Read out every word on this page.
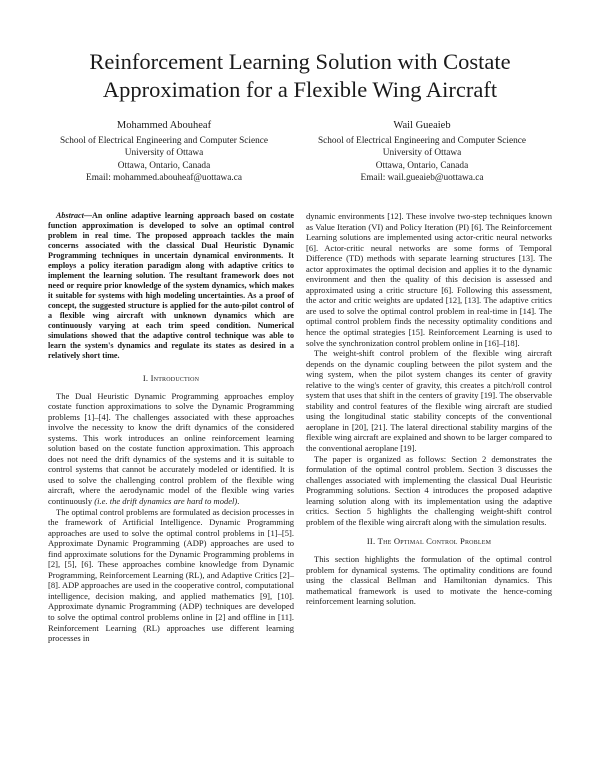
Reinforcement Learning Solution with Costate Approximation for a Flexible Wing Aircraft
Mohammed Abouheaf
School of Electrical Engineering and Computer Science
University of Ottawa
Ottawa, Ontario, Canada
Email: mohammed.abouheaf@uottawa.ca
Wail Gueaieb
School of Electrical Engineering and Computer Science
University of Ottawa
Ottawa, Ontario, Canada
Email: wail.gueaieb@uottawa.ca

Abstract—An online adaptive learning approach based on costate function approximation is developed to solve an optimal control problem in real time. The proposed approach tackles the main concerns associated with the classical Dual Heuristic Dynamic Programming techniques in uncertain dynamical environments. It employs a policy iteration paradigm along with adaptive critics to implement the learning solution. The resultant framework does not need or require prior knowledge of the system dynamics, which makes it suitable for systems with high modeling uncertainties. As a proof of concept, the suggested structure is applied for the auto-pilot control of a flexible wing aircraft with unknown dynamics which are continuously varying at each trim speed condition. Numerical simulations showed that the adaptive control technique was able to learn the system's dynamics and regulate its states as desired in a relatively short time.

I. Introduction

The Dual Heuristic Dynamic Programming approaches employ costate function approximations to solve the Dynamic Programming problems [1]–[4]. The challenges associated with these approaches involve the necessity to know the drift dynamics of the considered systems. This work introduces an online reinforcement learning solution based on the costate function approximation. This approach does not need the drift dynamics of the systems and it is suitable to control systems that cannot be accurately modeled or identified. It is used to solve the challenging control problem of the flexible wing aircraft, where the aerodynamic model of the flexible wing varies continuously (i.e. the drift dynamics are hard to model).

The optimal control problems are formulated as decision processes in the framework of Artificial Intelligence. Dynamic Programming approaches are used to solve the optimal control problems in [1]–[5]. Approximate Dynamic Programming (ADP) approaches are used to find approximate solutions for the Dynamic Programming problems in [2], [5], [6]. These approaches combine knowledge from Dynamic Programming, Reinforcement Learning (RL), and Adaptive Critics [2]–[8]. ADP approaches are used in the cooperative control, computational intelligence, decision making, and applied mathematics [9], [10]. Approximate dynamic Programming (ADP) techniques are developed to solve the optimal control problems online in [2] and offline in [11]. Reinforcement Learning (RL) approaches use different learning processes in

dynamic environments [12]. These involve two-step techniques known as Value Iteration (VI) and Policy Iteration (PI) [6]. The Reinforcement Learning solutions are implemented using actor-critic neural networks [6]. Actor-critic neural networks are some forms of Temporal Difference (TD) methods with separate learning structures [13]. The actor approximates the optimal decision and applies it to the dynamic environment and then the quality of this decision is assessed and approximated using a critic structure [6]. Following this assessment, the actor and critic weights are updated [12], [13]. The adaptive critics are used to solve the optimal control problem in real-time in [14]. The optimal control problem finds the necessity optimality conditions and hence the optimal strategies [15]. Reinforcement Learning is used to solve the synchronization control problem online in [16]–[18].

The weight-shift control problem of the flexible wing aircraft depends on the dynamic coupling between the pilot system and the wing system, when the pilot system changes its center of gravity relative to the wing's center of gravity, this creates a pitch/roll control system that uses that shift in the centers of gravity [19]. The observable stability and control features of the flexible wing aircraft are studied using the longitudinal static stability concepts of the conventional aeroplane in [20], [21]. The lateral directional stability margins of the flexible wing aircraft are explained and shown to be larger compared to the conventional aeroplane [19].

The paper is organized as follows: Section 2 demonstrates the formulation of the optimal control problem. Section 3 discusses the challenges associated with implementing the classical Dual Heuristic Programming solutions. Section 4 introduces the proposed adaptive learning solution along with its implementation using the adaptive critics. Section 5 highlights the challenging weight-shift control problem of the flexible wing aircraft along with the simulation results.

II. The Optimal Control Problem

This section highlights the formulation of the optimal control problem for dynamical systems. The optimality conditions are found using the classical Bellman and Hamiltonian dynamics. This mathematical framework is used to motivate the hence-coming reinforcement learning solution.
